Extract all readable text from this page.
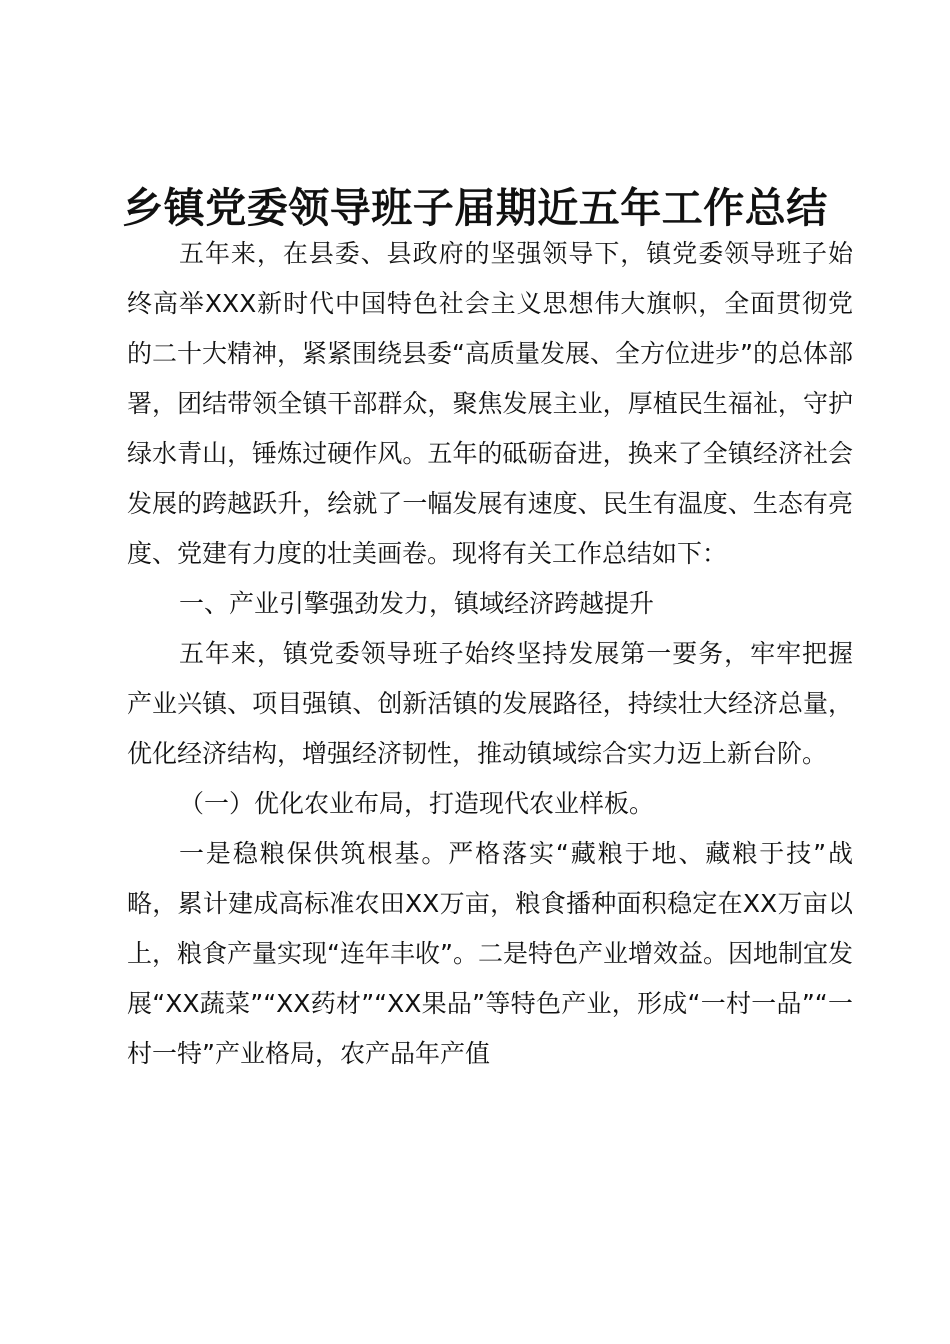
乡镇党委领导班子届期近五年工作总结

五年来，在县委、县政府的坚强领导下，镇党委领导班子始终高举XXX新时代中国特色社会主义思想伟大旗帜，全面贯彻党的二十大精神，紧紧围绕县委“高质量发展、全方位进步”的总体部署，团结带领全镇干部群众，聚焦发展主业，厚植民生福祉，守护绿水青山，锤炼过硬作风。五年的砥砺奋进，换来了全镇经济社会发展的跨越跃升，绘就了一幅发展有速度、民生有温度、生态有亮度、党建有力度的壮美画卷。现将有关工作总结如下：

一、产业引擎强劲发力，镇域经济跨越提升

五年来，镇党委领导班子始终坚持发展第一要务，牢牢把握产业兴镇、项目强镇、创新活镇的发展路径，持续壮大经济总量，优化经济结构，增强经济韧性，推动镇域综合实力迈上新台阶。

（一）优化农业布局，打造现代农业样板。

一是稳粮保供筑根基。严格落实“藏粮于地、藏粮于技”战略，累计建成高标准农田XX万亩，粮食播种面积稳定在XX万亩以上，粮食产量实现“连年丰收”。二是特色产业增效益。因地制宜发展“XX蔬菜”“XX药材”“XX果品”等特色产业，形成“一村一品”“一村一特”产业格局，农产品年产值
